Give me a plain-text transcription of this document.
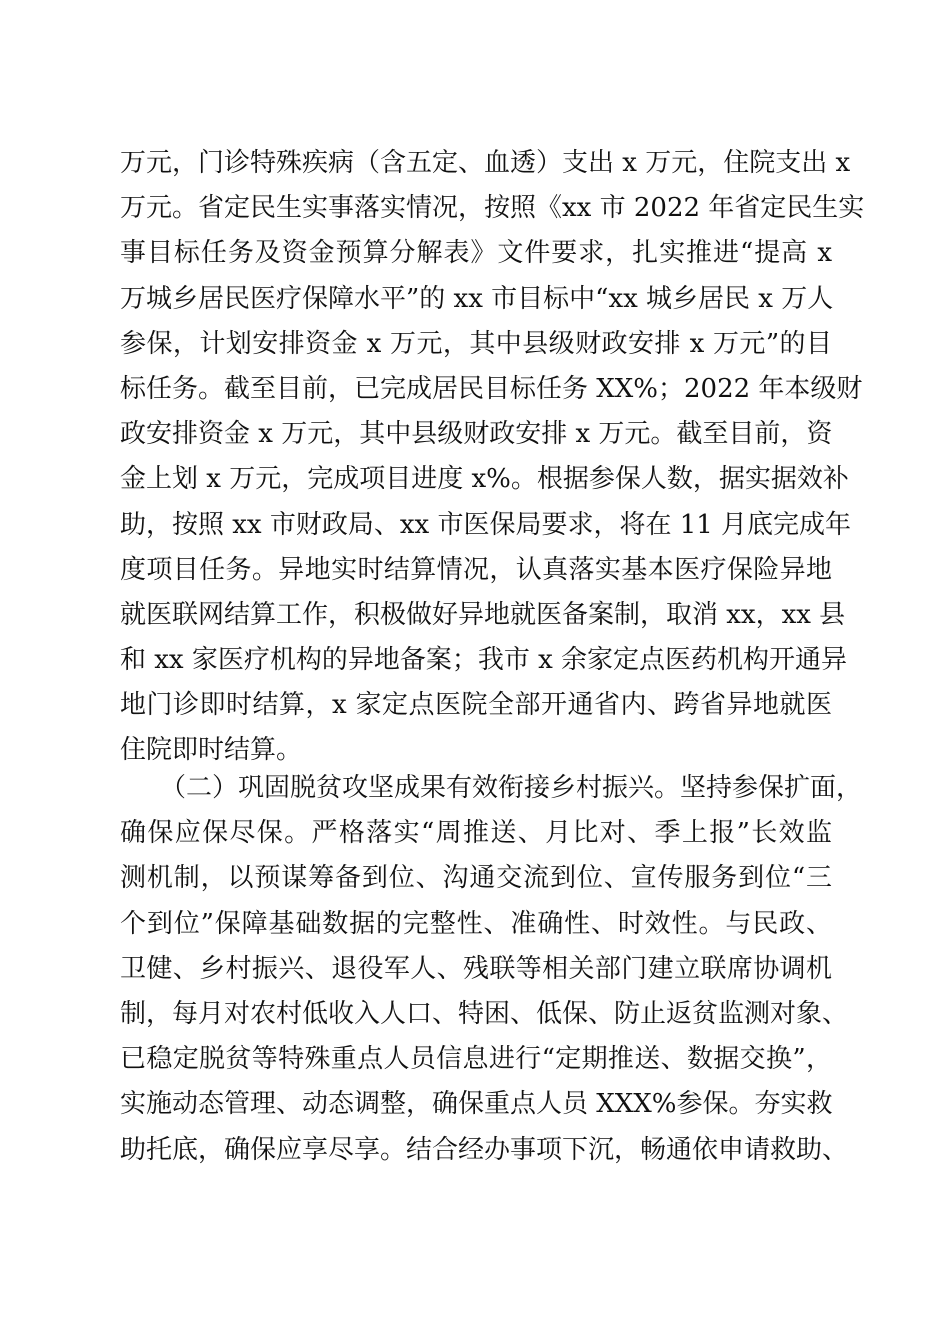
万元，门诊特殊疾病（含五定、血透）支出 x 万元，住院支出 x
万元。省定民生实事落实情况，按照《xx 市 2022 年省定民生实
事目标任务及资金预算分解表》文件要求，扎实推进“提高 x
万城乡居民医疗保障水平”的 xx 市目标中“xx 城乡居民 x 万人
参保，计划安排资金 x 万元，其中县级财政安排 x 万元”的目
标任务。截至目前，已完成居民目标任务 XX%；2022 年本级财
政安排资金 x 万元，其中县级财政安排 x 万元。截至目前，资
金上划 x 万元，完成项目进度 x%。根据参保人数，据实据效补
助，按照 xx 市财政局、xx 市医保局要求，将在 11 月底完成年
度项目任务。异地实时结算情况，认真落实基本医疗保险异地
就医联网结算工作，积极做好异地就医备案制，取消 xx，xx 县
和 xx 家医疗机构的异地备案；我市 x 余家定点医药机构开通异
地门诊即时结算，x 家定点医院全部开通省内、跨省异地就医
住院即时结算。
（二）巩固脱贫攻坚成果有效衔接乡村振兴。坚持参保扩面，
确保应保尽保。严格落实“周推送、月比对、季上报”长效监
测机制，以预谋筹备到位、沟通交流到位、宣传服务到位“三
个到位”保障基础数据的完整性、准确性、时效性。与民政、
卫健、乡村振兴、退役军人、残联等相关部门建立联席协调机
制，每月对农村低收入人口、特困、低保、防止返贫监测对象、
已稳定脱贫等特殊重点人员信息进行“定期推送、数据交换”，
实施动态管理、动态调整，确保重点人员 XXX%参保。夯实救
助托底，确保应享尽享。结合经办事项下沉，畅通依申请救助、
